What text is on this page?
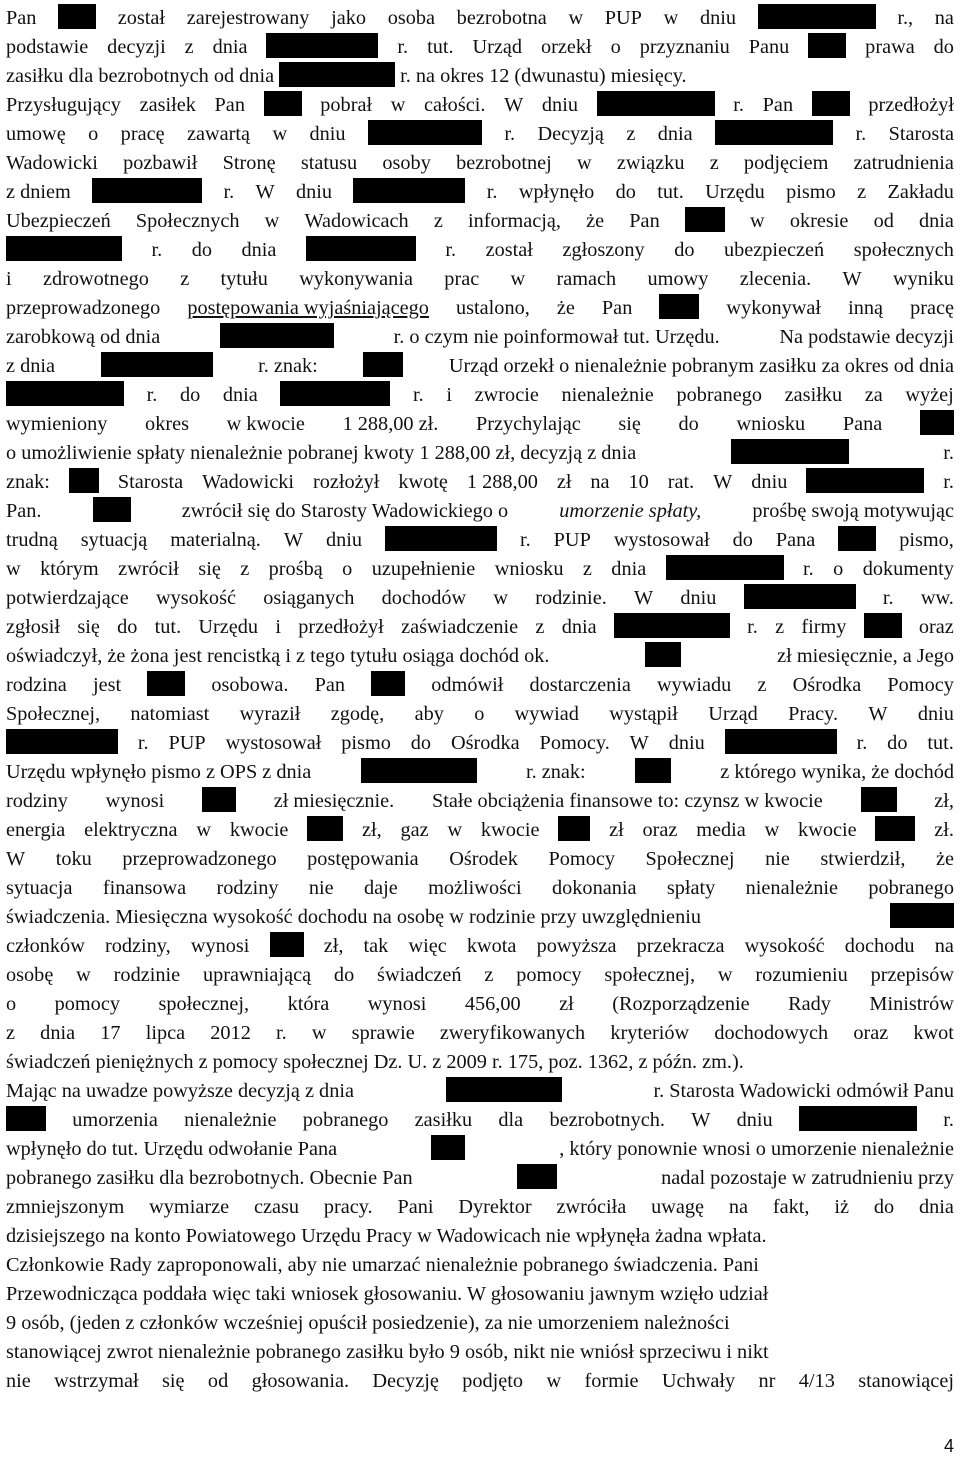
Pan	został zarejestrowany jako osoba bezrobotna w PUP w dniu	r., na
podstawie decyzji z dnia	r. tut. Urząd orzekł o przyznaniu Panu	prawa do
zasiłku dla bezrobotnych od dnia	r. na okres 12 (dwunastu) miesięcy.
Przysługujący zasiłek Pan	pobrał w całości. W dniu	r. Pan	przedłożył
umowę o pracę zawartą w dniu	r. Decyzją z dnia	r. Starosta
Wadowicki pozbawił Stronę statusu osoby bezrobotnej w związku z podjęciem zatrudnienia
z dniem	r. W dniu	r. wpłynęło do tut. Urzędu pismo z Zakładu
Ubezpieczeń Społecznych w Wadowicach z informacją, że Pan	w okresie od dnia
r. do dnia	r. został zgłoszony do ubezpieczeń społecznych
i zdrowotnego z tytułu wykonywania prac w ramach umowy zlecenia. W wyniku
przeprowadzonego postępowania wyjaśniającego ustalono, że Pan	wykonywał inną pracę
zarobkową od dnia	r. o czym nie poinformował tut. Urzędu.	Na podstawie decyzji
z dnia	r. znak:	Urząd orzekł o nienależnie pobranym zasiłku za okres od dnia
r. do dnia	r. i zwrocie nienależnie pobranego zasiłku za wyżej
wymieniony okres w kwocie 1 288,00 zł. Przychylając się do wniosku Pana
o umożliwienie spłaty nienależnie pobranej kwoty 1 288,00 zł, decyzją z dnia	r.
znak:	Starosta Wadowicki rozłożył kwotę 1 288,00 zł na 10 rat. W dniu	r.
Pan.	zwrócił się do Starosty Wadowickiego o	umorzenie spłaty,	prośbę swoją motywując
trudną sytuacją materialną. W dniu	r. PUP wystosował do Pana	pismo,
w którym zwrócił się z prośbą o uzupełnienie wniosku z dnia	r. o dokumenty
potwierdzające wysokość osiąganych dochodów w rodzinie. W dniu	r. ww.
zgłosił się do tut. Urzędu i przedłożył zaświadczenie z dnia	r. z firmy	oraz
oświadczył, że żona jest rencistką i z tego tytułu osiąga dochód ok.	zł miesięcznie, a Jego
rodzina jest	osobowa. Pan	odmówił dostarczenia wywiadu z Ośrodka Pomocy
Społecznej, natomiast wyraził zgodę, aby o wywiad wystąpił Urząd Pracy. W dniu
r. PUP wystosował pismo do Ośrodka Pomocy. W dniu	r. do tut.
Urzędu wpłynęło pismo z OPS z dnia	r. znak:	z którego wynika, że dochód
rodziny wynosi	zł miesięcznie. Stałe obciążenia finansowe to: czynsz w kwocie	zł,
energia elektryczna w kwocie	zł, gaz w kwocie	zł oraz media w kwocie	zł.
W toku przeprowadzonego postępowania Ośrodek Pomocy Społecznej nie stwierdził, że
sytuacja finansowa rodziny nie daje możliwości dokonania spłaty nienależnie pobranego
świadczenia. Miesięczna wysokość dochodu na osobę w rodzinie przy uwzględnieniu
członków rodziny, wynosi	zł, tak więc kwota powyższa przekracza wysokość dochodu na
osobę w rodzinie uprawniającą do świadczeń z pomocy społecznej, w rozumieniu przepisów
o pomocy społecznej, która wynosi 456,00 zł (Rozporządzenie Rady Ministrów
z dnia 17 lipca 2012 r. w sprawie zweryfikowanych kryteriów dochodowych oraz kwot
świadczeń pieniężnych z pomocy społecznej Dz. U. z 2009 r. 175, poz. 1362, z późn. zm.).
Mając na uwadze powyższe decyzją z dnia	r. Starosta Wadowicki odmówił Panu
umorzenia nienależnie pobranego zasiłku dla bezrobotnych. W dniu	r.
wpłynęło do tut. Urzędu odwołanie Pana	, który ponownie wnosi o umorzenie nienależnie
pobranego zasiłku dla bezrobotnych. Obecnie Pan	nadal pozostaje w zatrudnieniu przy
zmniejszonym wymiarze czasu pracy. Pani Dyrektor zwróciła uwagę na fakt, iż do dnia
dzisiejszego na konto Powiatowego Urzędu Pracy w Wadowicach nie wpłynęła żadna wpłata.
Członkowie Rady zaproponowali, aby nie umarzać nienależnie pobranego świadczenia. Pani
Przewodnicząca poddała więc taki wniosek głosowaniu. W głosowaniu jawnym wzięło udział
9 osób, (jeden z członków wcześniej opuścił posiedzenie), za nie umorzeniem należności
stanowiącej zwrot nienależnie pobranego zasiłku było 9 osób, nikt nie wniósł sprzeciwu i nikt
nie wstrzymał się od głosowania. Decyzję podjęto w formie Uchwały nr 4/13 stanowiącej
4
